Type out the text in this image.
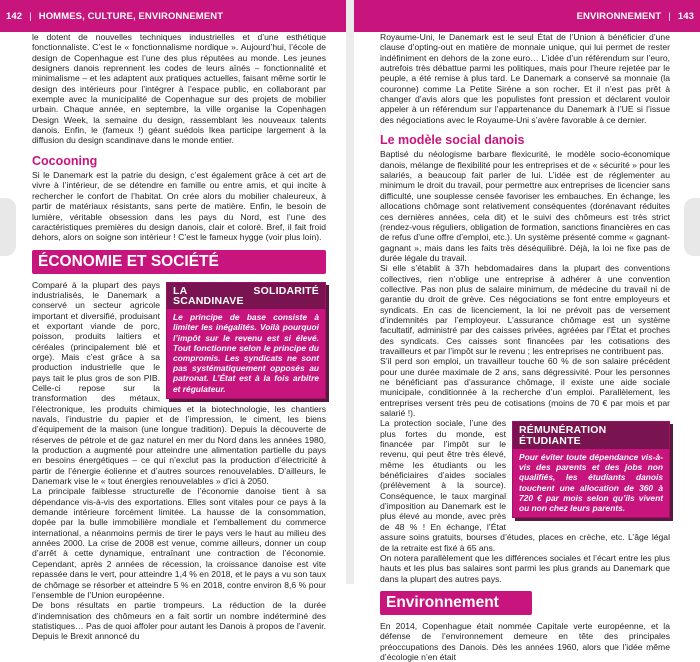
142 | HOMMES, CULTURE, ENVIRONNEMENT	ENVIRONNEMENT | 143

le dotent de nouvelles techniques industrielles et d’une esthétique fonctionnaliste. C’est le « fonctionnalisme nordique ». Aujourd’hui, l’école de design de Copenhague est l’une des plus réputées au monde. Les jeunes designers danois reprennent les codes de leurs aînés – fonctionnalité et minimalisme – et les adaptent aux pratiques actuelles, faisant même sortir le design des intérieurs pour l’intégrer à l’espace public, en collaborant par exemple avec la municipalité de Copenhague sur des projets de mobilier urbain. Chaque année, en septembre, la ville organise la Copenhagen Design Week, la semaine du design, rassemblant les nouveaux talents danois. Enfin, le (fameux !) géant suédois Ikea participe largement à la diffusion du design scandinave dans le monde entier.

Cocooning

Si le Danemark est la patrie du design, c’est également grâce à cet art de vivre à l’intérieur, de se détendre en famille ou entre amis, et qui incite à rechercher le confort de l’habitat. On crée alors du mobilier chaleureux, à partir de matériaux résistants, sans perte de matière. Enfin, le besoin de lumière, véritable obsession dans les pays du Nord, est l’une des caractéristiques premières du design danois, clair et coloré. Bref, il fait froid dehors, alors on soigne son intérieur ! C’est le fameux hygge (voir plus loin).

ÉCONOMIE ET SOCIÉTÉ
LA SOLIDARITÉ SCANDINAVE
Le principe de base consiste à limiter les inégalités. Voilà pourquoi l’impôt sur le revenu est si élevé. Tout fonctionne selon le principe du compromis. Les syndicats ne sont pas systématiquement opposés au patronat. L’État est à la fois arbitre et régulateur.

Comparé à la plupart des pays industrialisés, le Danemark a conservé un secteur agricole important et diversifié, produisant et exportant viande de porc, poisson, produits laitiers et céréales (principalement blé et orge). Mais c’est grâce à sa production industrielle que le pays tait le plus gros de son PIB. Celle-ci repose sur la transformation des métaux, l’électronique, les produits chimiques et la biotechnologie, les chantiers navals, l’industrie du papier et de l’impression, le ciment, les biens d’équipement de la maison (une longue tradition). Depuis la découverte de réserves de pétrole et de gaz naturel en mer du Nord dans les années 1980, la production a augmenté pour atteindre une alimentation partielle du pays en besoins énergétiques – ce qui n’exclut pas la production d’électricité à partir de l’énergie éolienne et d’autres sources renouvelables. D’ailleurs, le Danemark vise le « tout énergies renouvelables » d’ici à 2050.

La principale faiblesse structurelle de l’économie danoise tient à sa dépendance vis-à-vis des exportations. Elles sont vitales pour ce pays à la demande intérieure forcément limitée. La hausse de la consommation, dopée par la bulle immobilière mondiale et l’emballement du commerce international, a néanmoins permis de tirer le pays vers le haut au milieu des années 2000. La crise de 2008 est venue, comme ailleurs, donner un coup d’arrêt à cette dynamique, entraînant une contraction de l’économie. Cependant, après 2 années de récession, la croissance danoise est vite repassée dans le vert, pour atteindre 1,4 % en 2018, et le pays a vu son taux de chômage se résorber et atteindre 5 % en 2018, contre environ 8,6 % pour l’ensemble de l’Union européenne.

De bons résultats en partie trompeurs. La réduction de la durée d’indemnisation des chômeurs en a fait sortir un nombre indéterminé des statistiques… Pas de quoi affoler pour autant les Danois à propos de l’avenir. Depuis le Brexit annoncé du

Royaume-Uni, le Danemark est le seul État de l’Union à bénéficier d’une clause d’opting-out en matière de monnaie unique, qui lui permet de rester indéfiniment en dehors de la zone euro… L’idée d’un référendum sur l’euro, autrefois très débattue parmi les politiques, mais pour l’heure rejetée par le peuple, a été remise à plus tard. Le Danemark a conservé sa monnaie (la couronne) comme La Petite Sirène a son rocher. Et il n’est pas prêt à changer d’avis alors que les populistes font pression et déclarent vouloir appeler à un référendum sur l’appartenance du Danemark à l’UE si l’issue des négociations avec le Royaume-Uni s’avère favorable à ce dernier.

Le modèle social danois

Baptisé du néologisme barbare flexicurité, le modèle socio-économique danois, mélange de flexibilité pour les entreprises et de « sécurité » pour les salariés, a beaucoup fait parler de lui. L’idée est de réglementer au minimum le droit du travail, pour permettre aux entreprises de licencier sans difficulté, une souplesse censée favoriser les embauches. En échange, les allocations chômage sont relativement conséquentes (dorénavant réduites ces dernières années, cela dit) et le suivi des chômeurs est très strict (rendez-vous réguliers, obligation de formation, sanctions financières en cas de refus d’une offre d’emploi, etc.). Un système présenté comme « gagnant-gagnant », mais dans les faits très déséquilibré. Déjà, la loi ne fixe pas de durée légale du travail.

Si elle s’établit à 37h hebdomadaires dans la plupart des conventions collectives, rien n’oblige une entreprise à adhérer à une convention collective. Pas non plus de salaire minimum, de médecine du travail ni de garantie du droit de grève. Ces négociations se font entre employeurs et syndicats. En cas de licenciement, la loi ne prévoit pas de versement d’indemnités par l’employeur. L’assurance chômage est un système facultatif, administré par des caisses privées, agréées par l’État et proches des syndicats. Ces caisses sont financées par les cotisations des travailleurs et par l’impôt sur le revenu ; les entreprises ne contribuent pas.

S’il perd son emploi, un travailleur touche 60 % de son salaire précédent pour une durée maximale de 2 ans, sans dégressivité. Pour les personnes ne bénéficiant pas d’assurance chômage, il existe une aide sociale municipale, conditionnée à la recherche d’un emploi. Parallèlement, les entreprises versent très peu de cotisations (moins de 70 € par mois et par salarié !).

RÉMUNÉRATION ÉTUDIANTE
Pour éviter toute dépendance vis-à-vis des parents et des jobs non qualifiés, les étudiants danois touchent une allocation de 360 à 720 € par mois selon qu’ils vivent ou non chez leurs parents.

La protection sociale, l’une des plus fortes du monde, est financée par l’impôt sur le revenu, qui peut être très élevé, même les étudiants ou les bénéficiaires d’aides sociales (prélèvement à la source). Conséquence, le taux marginal d’imposition au Danemark est le plus élevé au monde, avec près de 48 % ! En échange, l’État assure soins gratuits, bourses d’études, places en crèche, etc. L’âge légal de la retraite est fixé à 65 ans.

On notera parallèlement que les différences sociales et l’écart entre les plus hauts et les plus bas salaires sont parmi les plus grands au Danemark que dans la plupart des autres pays.

Environnement

En 2014, Copenhague était nommée Capitale verte européenne, et la défense de l’environnement demeure en tête des principales préoccupations des Danois. Dès les années 1960, alors que l’idée même d’écologie n’en était
